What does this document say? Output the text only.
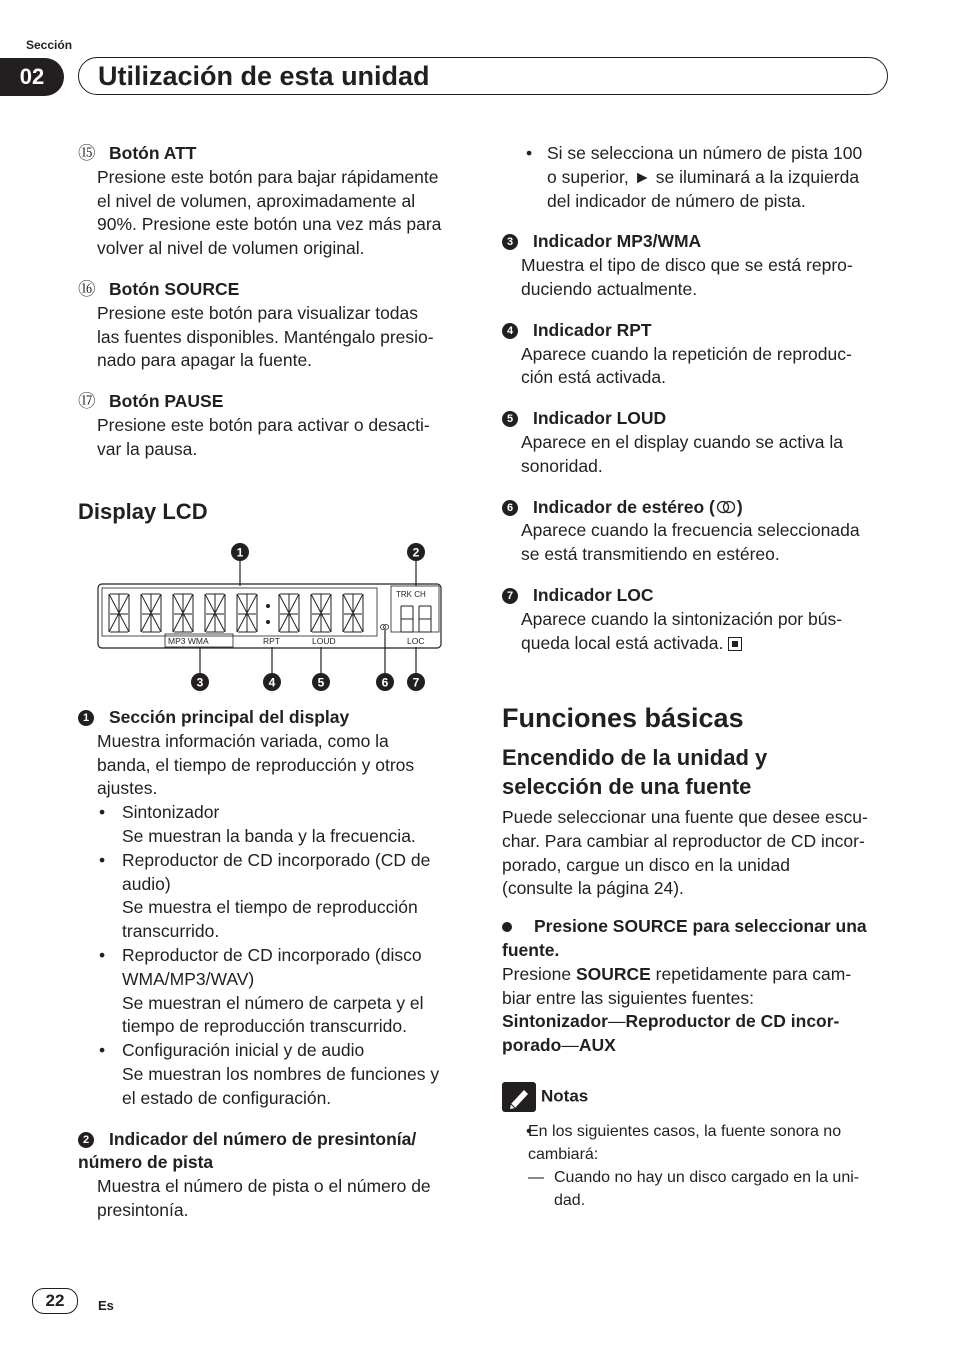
Sección
02	Utilización de esta unidad
⑮ Botón ATT
Presione este botón para bajar rápidamente
el nivel de volumen, aproximadamente al
90%. Presione este botón una vez más para
volver al nivel de volumen original.
⑯ Botón SOURCE
Presione este botón para visualizar todas
las fuentes disponibles. Manténgalo presio-
nado para apagar la fuente.
⑰ Botón PAUSE
Presione este botón para activar o desacti-
var la pausa.
Display LCD
1	2
TRK CH
MP3 WMA	RPT	LOUD	LOC
3	4	5	6 7
1 Sección principal del display
Muestra información variada, como la
banda, el tiempo de reproducción y otros
ajustes.
• Sintonizador
Se muestran la banda y la frecuencia.
• Reproductor de CD incorporado (CD de
audio)
Se muestra el tiempo de reproducción
transcurrido.
• Reproductor de CD incorporado (disco
WMA/MP3/WAV)
Se muestran el número de carpeta y el
tiempo de reproducción transcurrido.
• Configuración inicial y de audio
Se muestran los nombres de funciones y
el estado de configuración.
2 Indicador del número de presintonía/
número de pista
Muestra el número de pista o el número de
presintonía.
• Si se selecciona un número de pista 100
o superior, ► se iluminará a la izquierda
del indicador de número de pista.
3 Indicador MP3/WMA
Muestra el tipo de disco que se está repro-
duciendo actualmente.
4 Indicador RPT
Aparece cuando la repetición de reproduc-
ción está activada.
5 Indicador LOUD
Aparece en el display cuando se activa la
sonoridad.
6 Indicador de estéreo ( )
Aparece cuando la frecuencia seleccionada
se está transmitiendo en estéreo.
7 Indicador LOC
Aparece cuando la sintonización por bús-
queda local está activada.
Funciones básicas
Encendido de la unidad y
selección de una fuente
Puede seleccionar una fuente que desee escu-
char. Para cambiar al reproductor de CD incor-
porado, cargue un disco en la unidad
(consulte la página 24).
Presione SOURCE para seleccionar una
fuente.
Presione SOURCE repetidamente para cam-
biar entre las siguientes fuentes:
Sintonizador—Reproductor de CD incor-
porado—AUX
Notas
• En los siguientes casos, la fuente sonora no
cambiará:
— Cuando no hay un disco cargado en la uni-
dad.
22	Es
